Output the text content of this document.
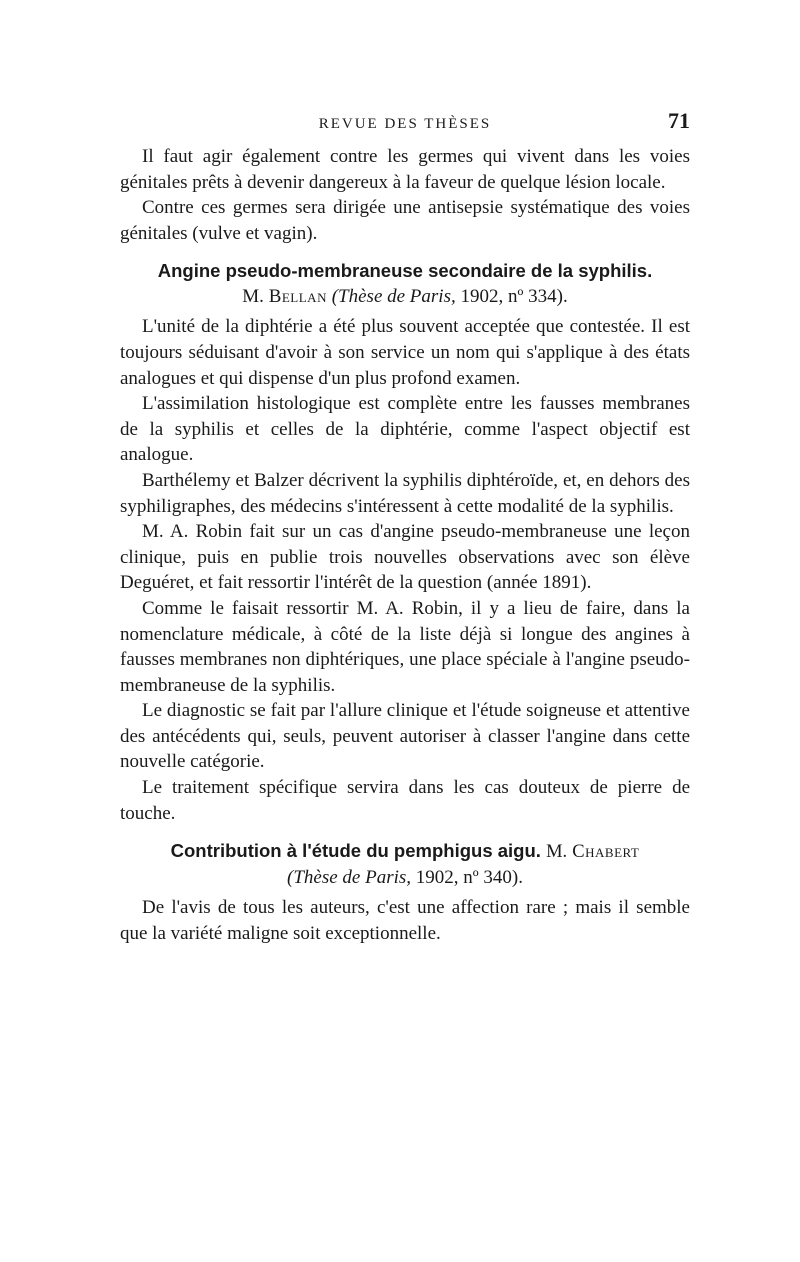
REVUE DES THÈSES	71

Il faut agir également contre les germes qui vivent dans les voies génitales prêts à devenir dangereux à la faveur de quelque lésion locale.

Contre ces germes sera dirigée une antisepsie systématique des voies génitales (vulve et vagin).

Angine pseudo-membraneuse secondaire de la syphilis.
M. Bellan (Thèse de Paris, 1902, nº 334).

L'unité de la diphtérie a été plus souvent acceptée que contestée. Il est toujours séduisant d'avoir à son service un nom qui s'applique à des états analogues et qui dispense d'un plus profond examen.

L'assimilation histologique est complète entre les fausses membranes de la syphilis et celles de la diphtérie, comme l'aspect objectif est analogue.

Barthélemy et Balzer décrivent la syphilis diphtéroïde, et, en dehors des syphiligraphes, des médecins s'intéressent à cette modalité de la syphilis.

M. A. Robin fait sur un cas d'angine pseudo-membraneuse une leçon clinique, puis en publie trois nouvelles observations avec son élève Deguéret, et fait ressortir l'intérêt de la question (année 1891).

Comme le faisait ressortir M. A. Robin, il y a lieu de faire, dans la nomenclature médicale, à côté de la liste déjà si longue des angines à fausses membranes non diphtériques, une place spéciale à l'angine pseudo-membraneuse de la syphilis.

Le diagnostic se fait par l'allure clinique et l'étude soigneuse et attentive des antécédents qui, seuls, peuvent autoriser à classer l'angine dans cette nouvelle catégorie.

Le traitement spécifique servira dans les cas douteux de pierre de touche.

Contribution à l'étude du pemphigus aigu. M. Chabert
(Thèse de Paris, 1902, nº 340).

De l'avis de tous les auteurs, c'est une affection rare ; mais il semble que la variété maligne soit exceptionnelle.
